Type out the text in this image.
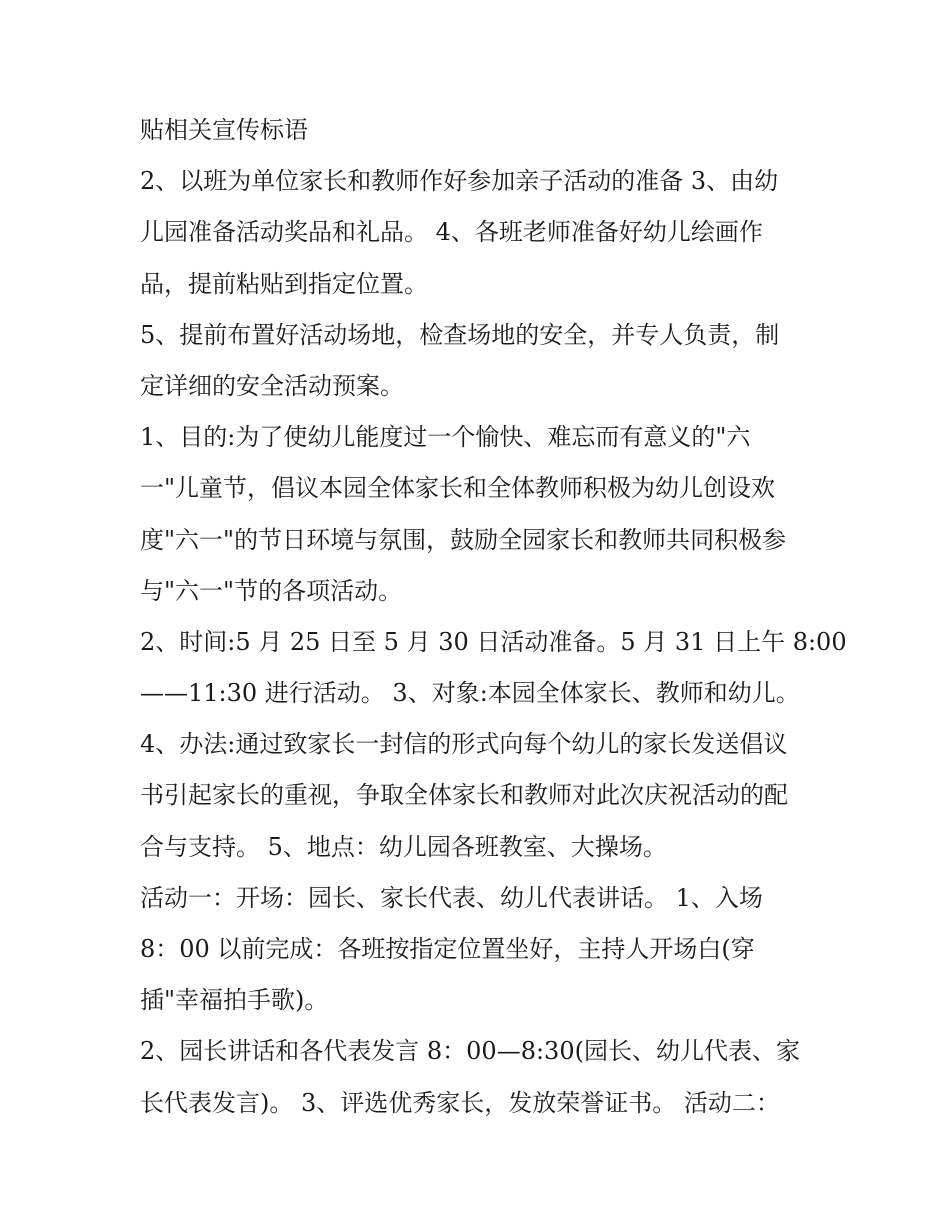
贴相关宣传标语
2、以班为单位家长和教师作好参加亲子活动的准备 3、由幼
儿园准备活动奖品和礼品。 4、各班老师准备好幼儿绘画作
品，提前粘贴到指定位置。
5、提前布置好活动场地，检查场地的安全，并专人负责，制
定详细的安全活动预案。
1、目的:为了使幼儿能度过一个愉快、难忘而有意义的"六
一"儿童节，倡议本园全体家长和全体教师积极为幼儿创设欢
度"六一"的节日环境与氛围，鼓励全园家长和教师共同积极参
与"六一"节的各项活动。
2、时间:5 月 25 日至 5 月 30 日活动准备。5 月 31 日上午 8:00
——11:30 进行活动。 3、对象:本园全体家长、教师和幼儿。
4、办法:通过致家长一封信的形式向每个幼儿的家长发送倡议
书引起家长的重视，争取全体家长和教师对此次庆祝活动的配
合与支持。 5、地点：幼儿园各班教室、大操场。
活动一：开场：园长、家长代表、幼儿代表讲话。 1、入场
8：00 以前完成：各班按指定位置坐好，主持人开场白(穿
插"幸福拍手歌)。
2、园长讲话和各代表发言 8：00—8:30(园长、幼儿代表、家
长代表发言)。 3、评选优秀家长，发放荣誉证书。 活动二：
